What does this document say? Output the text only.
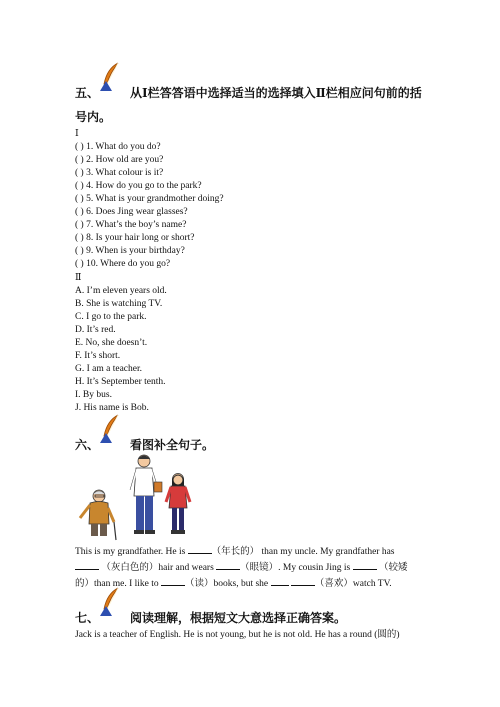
五、	从Ⅰ栏答答语中选择适当的选择填入Ⅱ栏相应问句前的括
号内。
Ⅰ
( ) 1. What do you do?
( ) 2. How old are you?
( ) 3. What colour is it?
( ) 4. How do you go to the park?
( ) 5. What is your grandmother doing?
( ) 6. Does Jing wear glasses?
( ) 7. What’s the boy’s name?
( ) 8. Is your hair long or short?
( ) 9. When is your birthday?
( ) 10. Where do you go?
Ⅱ
A. I’m eleven years old.
B. She is watching TV.
C. I go to the park.
D. It’s red.
E. No, she doesn’t.
F. It’s short.
G. I am a teacher.
H. It’s September tenth.
I. By bus.
J. His name is Bob.
六、	看图补全句子。
This is my grandfather. He is	（年长的） than my uncle. My grandfather has
（灰白色的）hair and wears	（眼镜）. My cousin Jing is	（较矮
的）than me. I like to	（读）books, but she	（喜欢）watch TV.
七、	阅读理解，根据短文大意选择正确答案。
Jack is a teacher of English. He is not young, but he is not old. He has a round (圆的)
